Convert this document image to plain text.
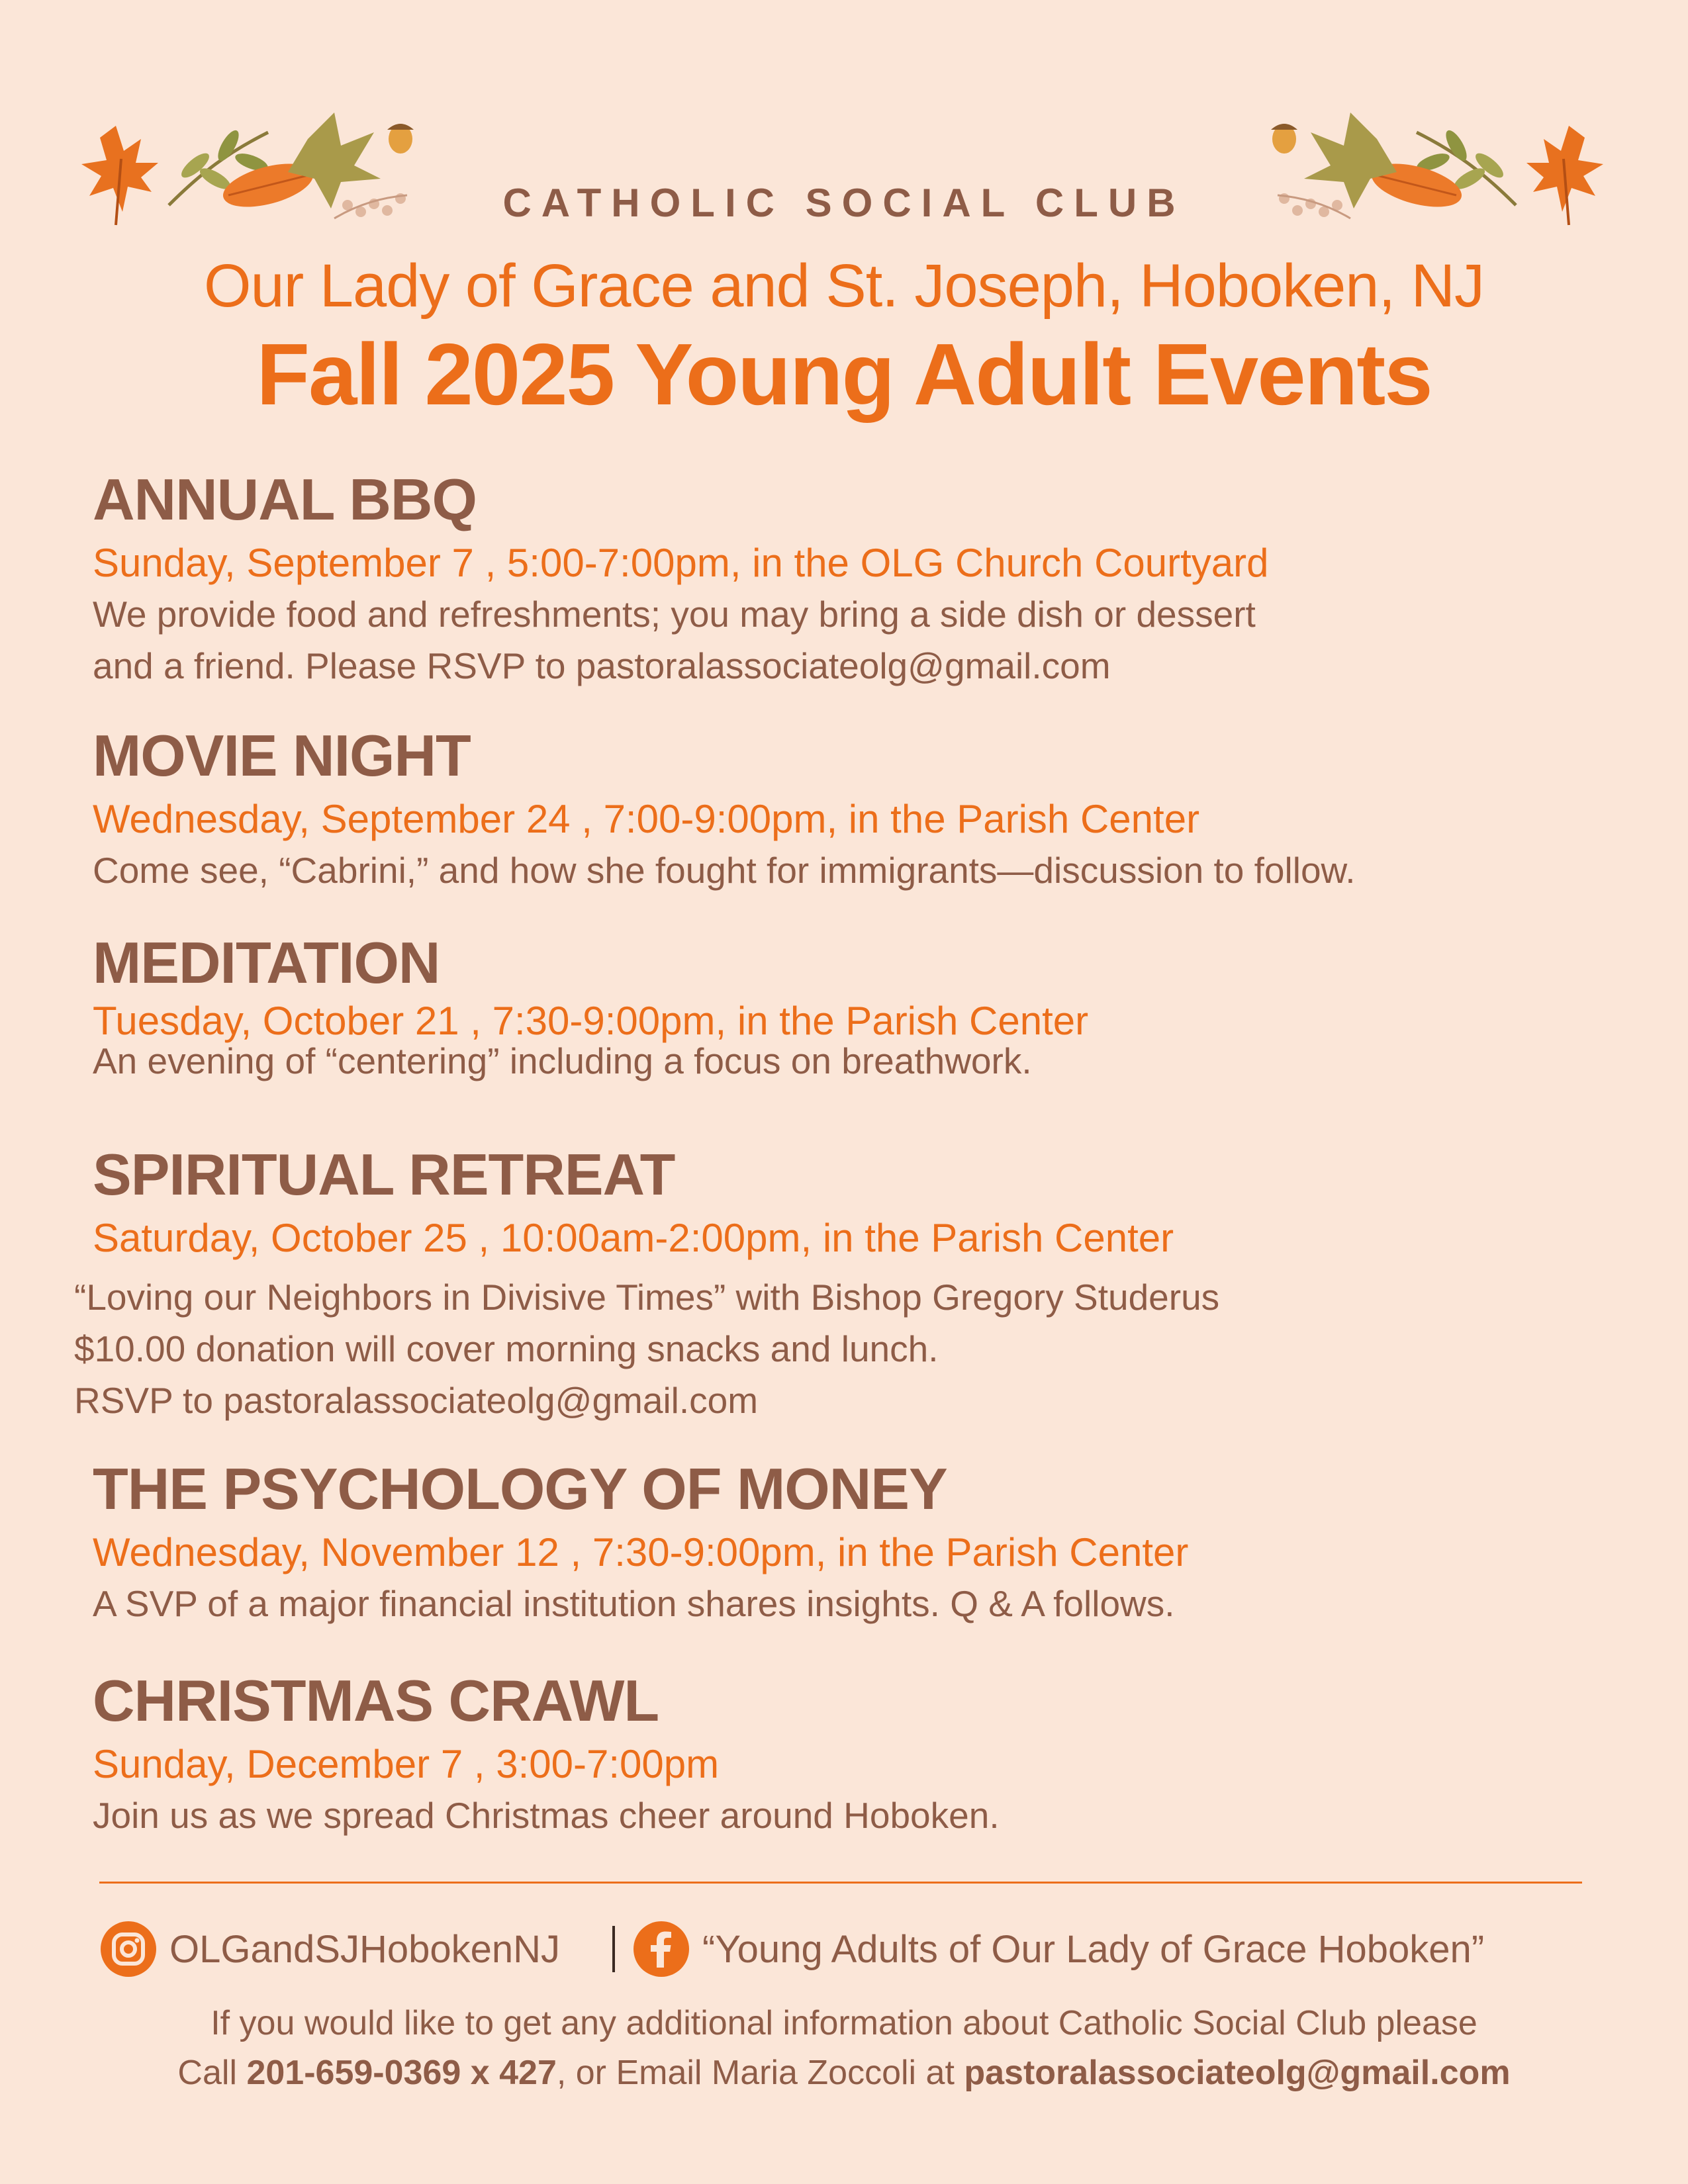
CATHOLIC SOCIAL CLUB
Our Lady of Grace and St. Joseph, Hoboken, NJ
Fall 2025 Young Adult Events
ANNUAL BBQ
Sunday, September 7 , 5:00-7:00pm, in the OLG Church Courtyard
We provide food and refreshments; you may bring a side dish or dessert
and a friend. Please RSVP to pastoralassociateolg@gmail.com
MOVIE NIGHT
Wednesday, September 24 , 7:00-9:00pm, in the Parish Center
Come see, “Cabrini,” and how she fought for immigrants—discussion to follow.
MEDITATION
Tuesday, October 21 , 7:30-9:00pm, in the Parish Center
An evening of “centering” including a focus on breathwork.
SPIRITUAL RETREAT
Saturday, October 25 , 10:00am-2:00pm, in the Parish Center
“Loving our Neighbors in Divisive Times” with Bishop Gregory Studerus
$10.00 donation will cover morning snacks and lunch.
RSVP to pastoralassociateolg@gmail.com
THE PSYCHOLOGY OF MONEY
Wednesday, November 12 , 7:30-9:00pm, in the Parish Center
A SVP of a major financial institution shares insights. Q & A follows.
CHRISTMAS CRAWL
Sunday, December 7 , 3:00-7:00pm
Join us as we spread Christmas cheer around Hoboken.
OLGandSJHobokenNJ	“Young Adults of Our Lady of Grace Hoboken”
If you would like to get any additional information about Catholic Social Club please
Call 201-659-0369 x 427, or Email Maria Zoccoli at pastoralassociateolg@gmail.com
